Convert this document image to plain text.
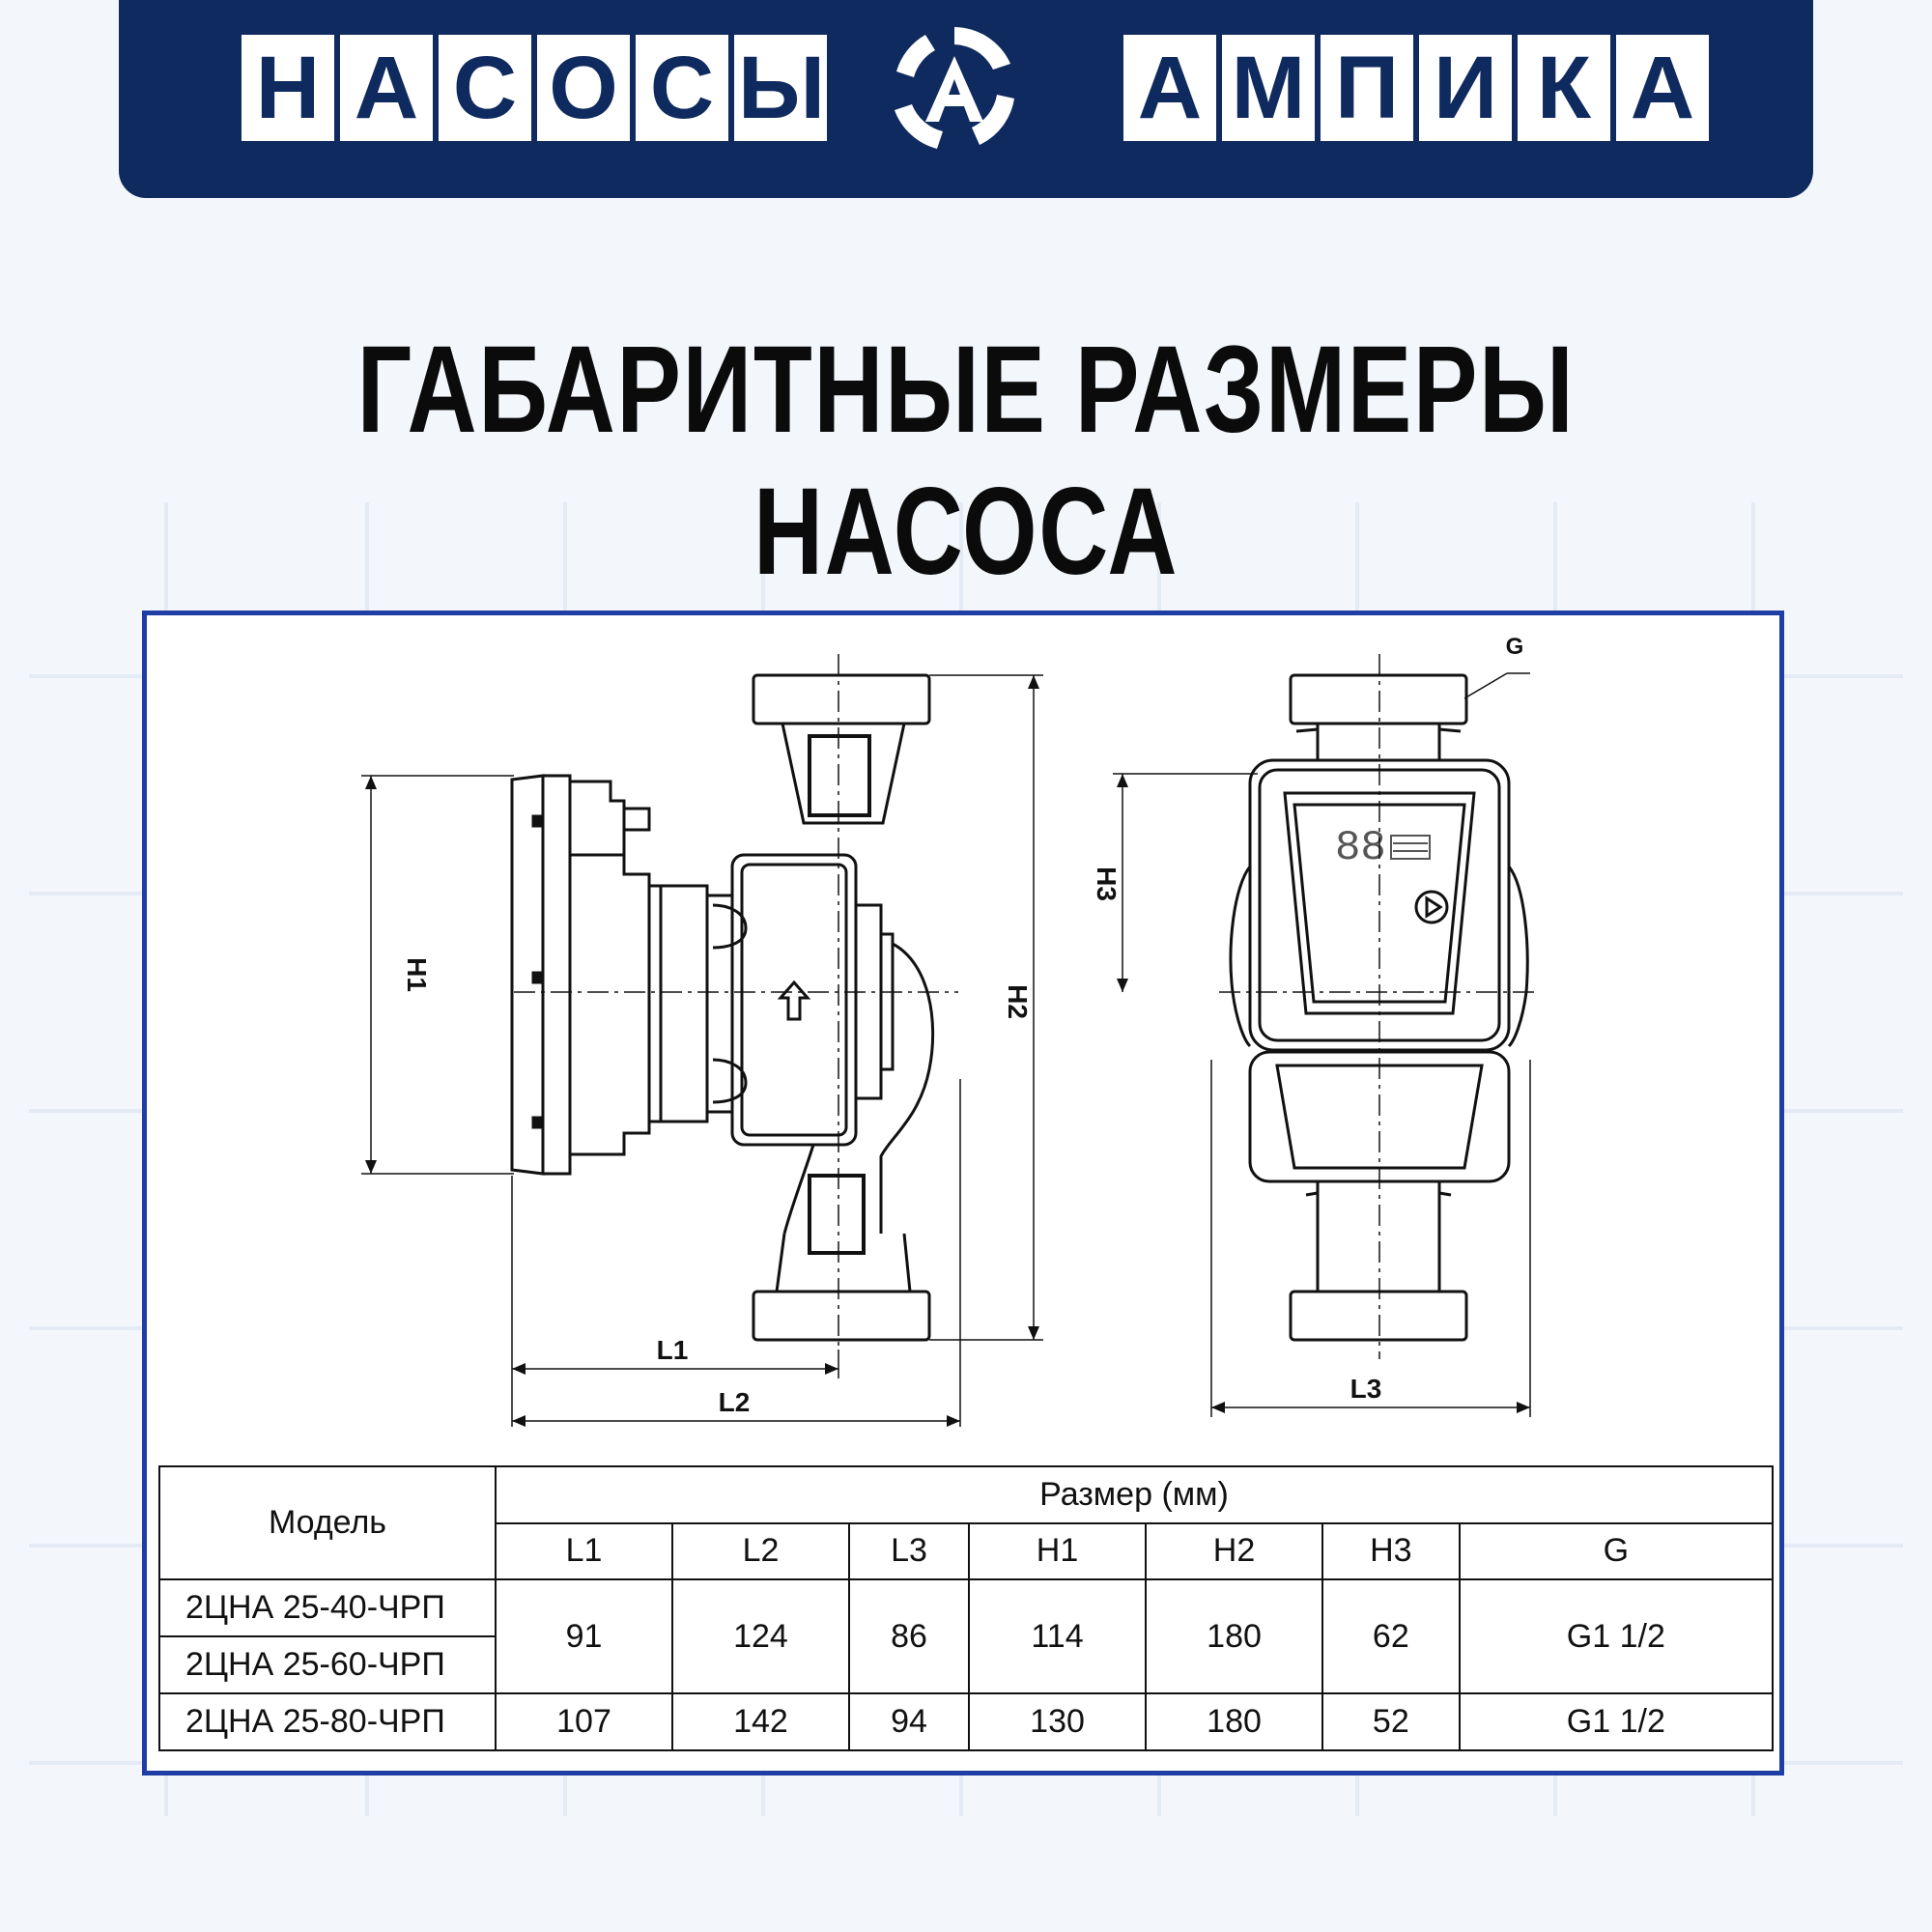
Н А С О С Ы
А
А М П И К А
ГАБАРИТНЫЕ РАЗМЕРЫ НАСОСА
88
H1
H2
H3
L1
L2	L3
G
Модель	Размер (мм)						
	L1	L2	L3	H1	H2	H3	G
2ЦНА 25-40-ЧРП	91	124	86	114	180	62	G1 1/2
2ЦНА 25-60-ЧРП							
2ЦНА 25-80-ЧРП	107	142	94	130	180	52	G1 1/2
